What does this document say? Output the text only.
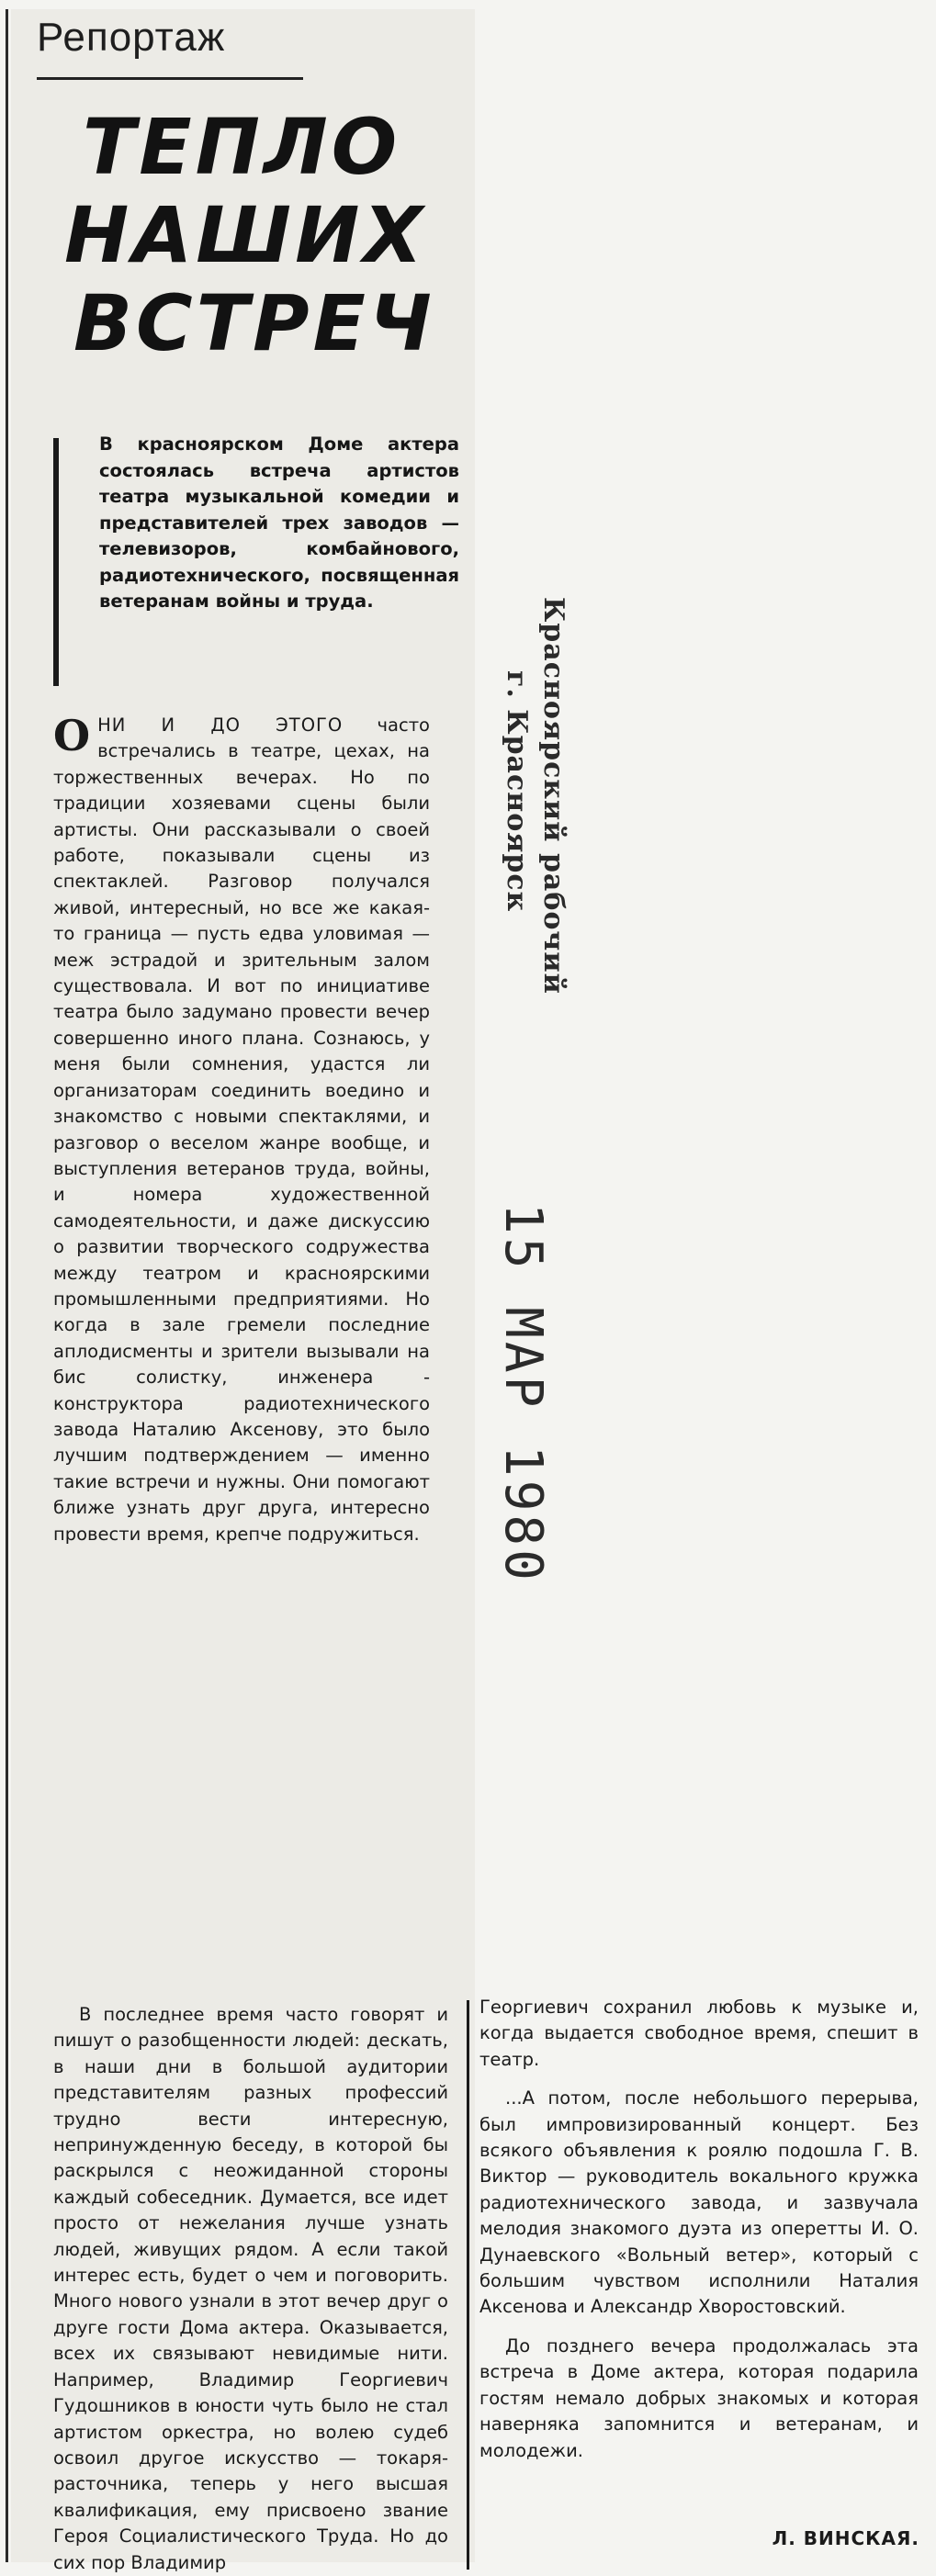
Репортаж
ТЕПЛО
НАШИХ
ВСТРЕЧ
В красноярском Доме актера состоялась встреча артистов театра музыкальной комедии и представителей трех заводов — телевизоров, комбайнового, радиотехнического, посвященная ветеранам войны и труда.
ОНИ И ДО ЭТОГО часто встречались в театре, цехах, на торжественных вечерах. Но по традиции хозяевами сцены были артисты. Они рассказывали о своей работе, показывали сцены из спектаклей. Разговор получался живой, интересный, но все же какая-то граница — пусть едва уловимая — меж эстрадой и зрительным залом существовала. И вот по инициативе театра было задумано провести вечер совершенно иного плана. Сознаюсь, у меня были сомнения, удастся ли организаторам соединить воедино и знакомство с новыми спектаклями, и разговор о веселом жанре вообще, и выступления ветеранов труда, войны, и номера художественной самодеятельности, и даже дискуссию о развитии творческого содружества между театром и красноярскими промышленными предприятиями. Но когда в зале гремели последние аплодисменты и зрители вызывали на бис солистку, инженера - конструктора радиотехнического завода Наталию Аксенову, это было лучшим подтверждением — именно такие встречи и нужны. Они помогают ближе узнать друг друга, интересно провести время, крепче подружиться.

В последнее время часто говорят и пишут о разобщенности людей: дескать, в наши дни в большой аудитории представителям разных профессий трудно вести интересную, непринужденную беседу, в которой бы раскрылся с неожиданной стороны каждый собеседник. Думается, все идет просто от нежелания лучше узнать людей, живущих рядом. А если такой интерес есть, будет о чем и поговорить. Много нового узнали в этот вечер друг о друге гости Дома актера. Оказывается, всех их связывают невидимые нити. Например, Владимир Георгиевич Гудошников в юности чуть было не стал артистом оркестра, но волею судеб освоил другое искусство — токаря-расточника, теперь у него высшая квалификация, ему присвоено звание Героя Социалистического Труда. Но до сих пор Владимир

Георгиевич сохранил любовь к музыке и, когда выдается свободное время, спешит в театр.

...А потом, после небольшого перерыва, был импровизированный концерт. Без всякого объявления к роялю подошла Г. В. Виктор — руководитель вокального кружка радиотехнического завода, и зазвучала мелодия знакомого дуэта из оперетты И. О. Дунаевского «Вольный ветер», который с большим чувством исполнили Наталия Аксенова и Александр Хворостовский.

До позднего вечера продолжалась эта встреча в Доме актера, которая подарила гостям немало добрых знакомых и которая наверняка запомнится и ветеранам, и молодежи.

Л. ВИНСКАЯ.
Красноярский рабочий
г. Красноярск
15 МАР 1980
